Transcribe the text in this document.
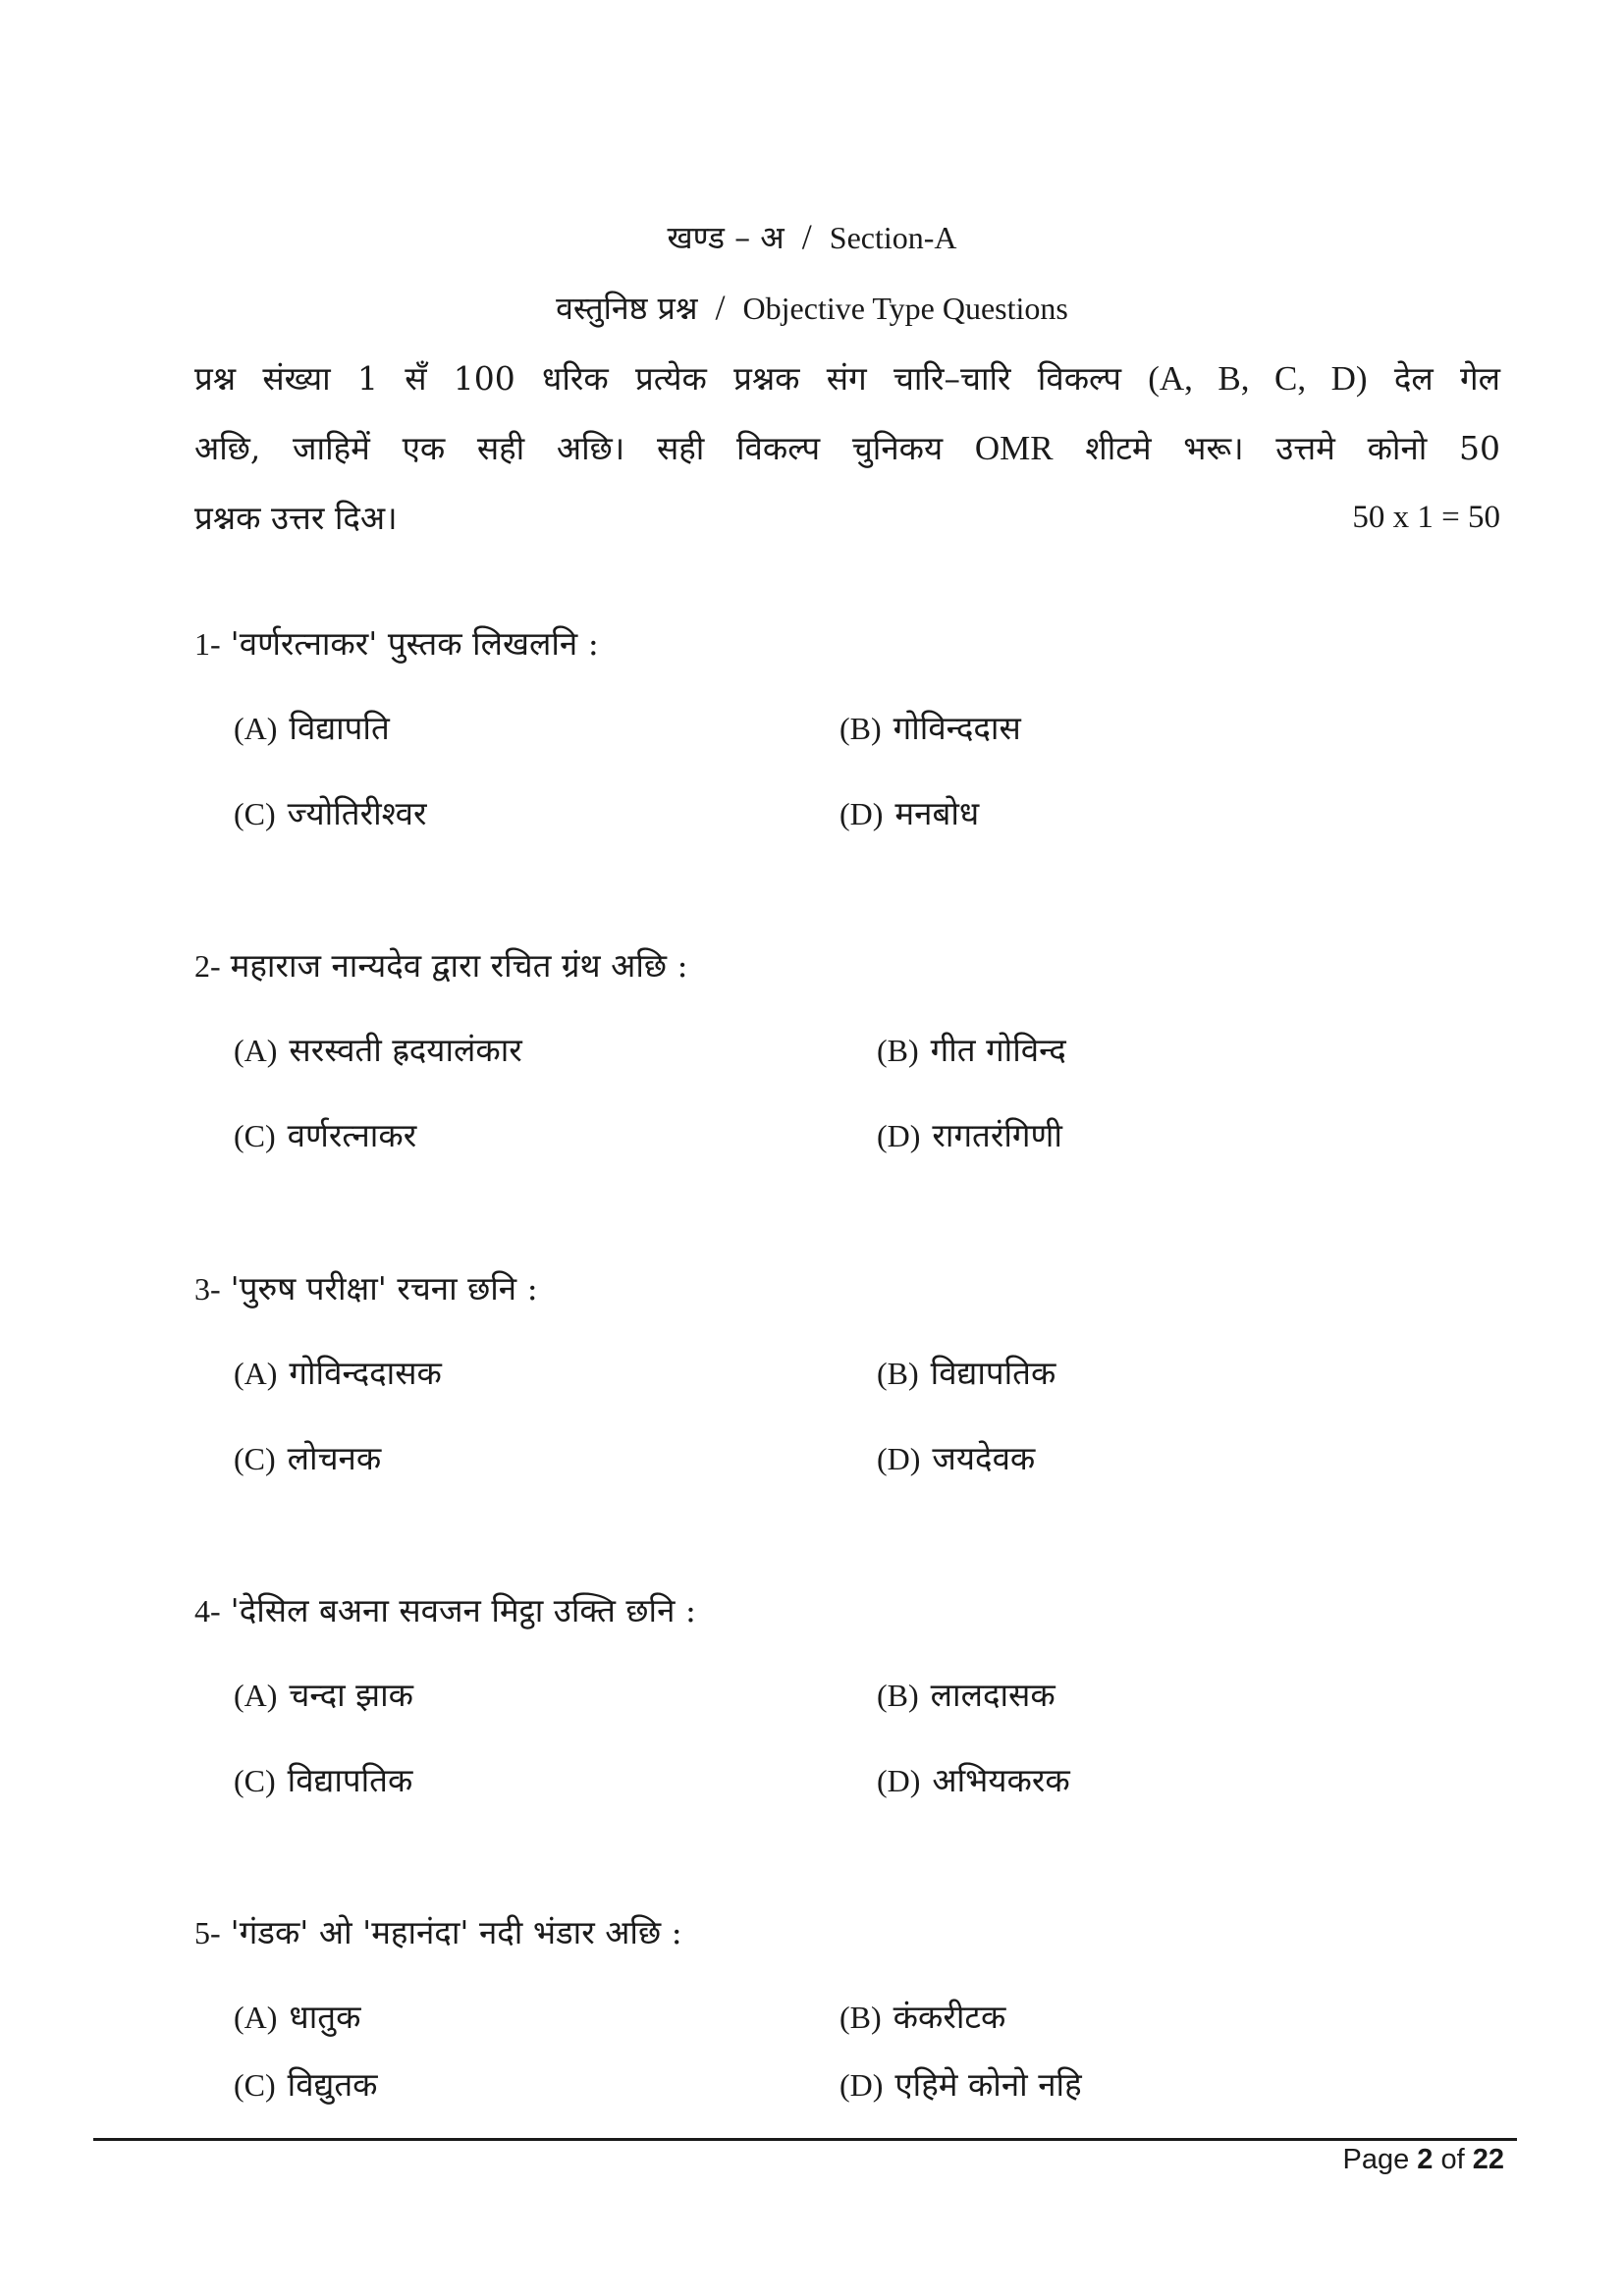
खण्ड – अ / Section-A
वस्तुनिष्ठ प्रश्न / Objective Type Questions
प्रश्न संख्या 1 सँ 100 धरिक प्रत्येक प्रश्नक संग चारि–चारि विकल्प (A, B, C, D) देल गेल
अछि, जाहिमें एक सही अछि। सही विकल्प चुनिकय OMR शीटमे भरू। उत्तमे कोनो 50
प्रश्नक उत्तर दिअ।	50 x 1 = 50
1- 'वर्णरत्नाकर' पुस्तक लिखलनि :
(A) विद्यापति	(B) गोविन्ददास
(C) ज्योतिरीश्वर	(D) मनबोध
2- महाराज नान्यदेव द्वारा रचित ग्रंथ अछि :
(A) सरस्वती ह्रदयालंकार	(B) गीत गोविन्द
(C) वर्णरत्नाकर	(D) रागतरंगिणी
3- 'पुरुष परीक्षा' रचना छनि :
(A) गोविन्ददासक	(B) विद्यापतिक
(C) लोचनक	(D) जयदेवक
4- 'देसिल बअना सवजन मिट्ठा उक्ति छनि :
(A) चन्दा झाक	(B) लालदासक
(C) विद्यापतिक	(D) अभियकरक
5- 'गंडक' ओ 'महानंदा' नदी भंडार अछि :
(A) धातुक	(B) कंकरीटक
(C) विद्युतक	(D) एहिमे कोनो नहि
Page 2 of 22
